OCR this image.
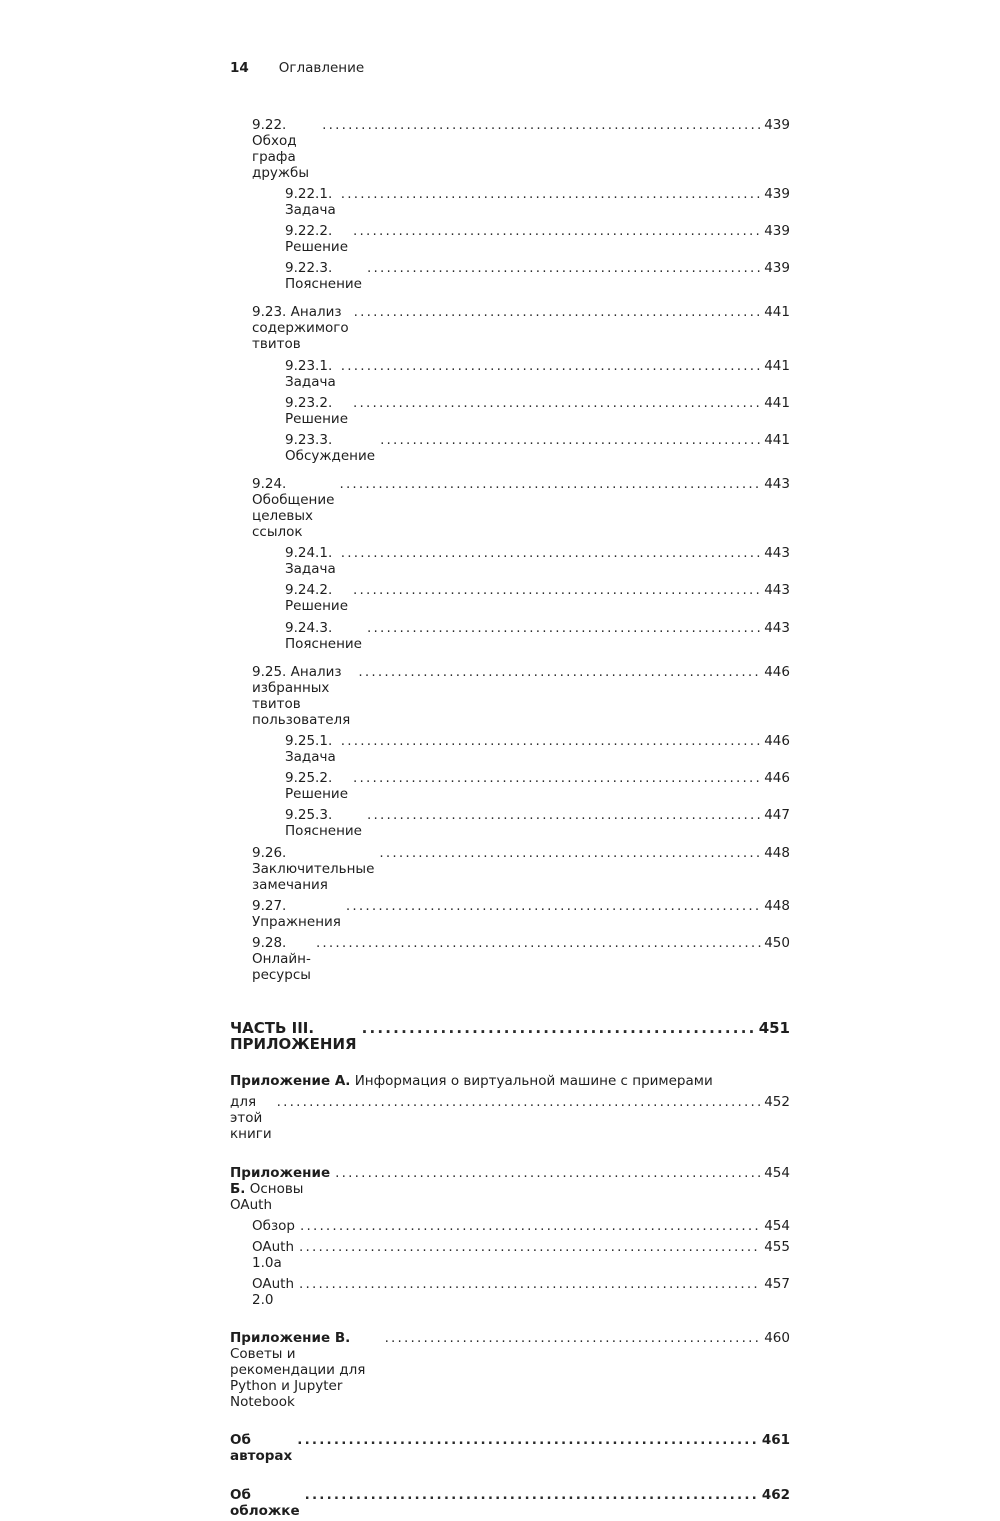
14 Оглавление
9.22. Обход графа дружбы
.....
439
9.22.1. Задача
.....
439
9.22.2. Решение
.....
439
9.22.3. Пояснение
.....
439
9.23. Анализ содержимого твитов
.....
441
9.23.1. Задача
.....
441
9.23.2. Решение
.....
441
9.23.3. Обсуждение
.....
441
9.24. Обобщение целевых ссылок
.....
443
9.24.1. Задача
.....
443
9.24.2. Решение
.....
443
9.24.3. Пояснение
.....
443
9.25. Анализ избранных твитов пользователя
.....
446
9.25.1. Задача
.....
446
9.25.2. Решение
.....
446
9.25.3. Пояснение
.....
447
9.26. Заключительные замечания
.....
448
9.27. Упражнения
.....
448
9.28. Онлайн-ресурсы
.....
450
ЧАСТЬ III. ПРИЛОЖЕНИЯ
.....
451
Приложение А. Информация о виртуальной машине с примерами
для этой книги
.....
452
Приложение Б. Основы OAuth
.....
454
Обзор .....	454
OAuth 1.0a
.....
455
OAuth 2.0
.....
457
Приложение В. Советы и рекомендации для Python и Jupyter Notebook
.....
460
Об авторах
.....
461
Об обложке
.....
462
